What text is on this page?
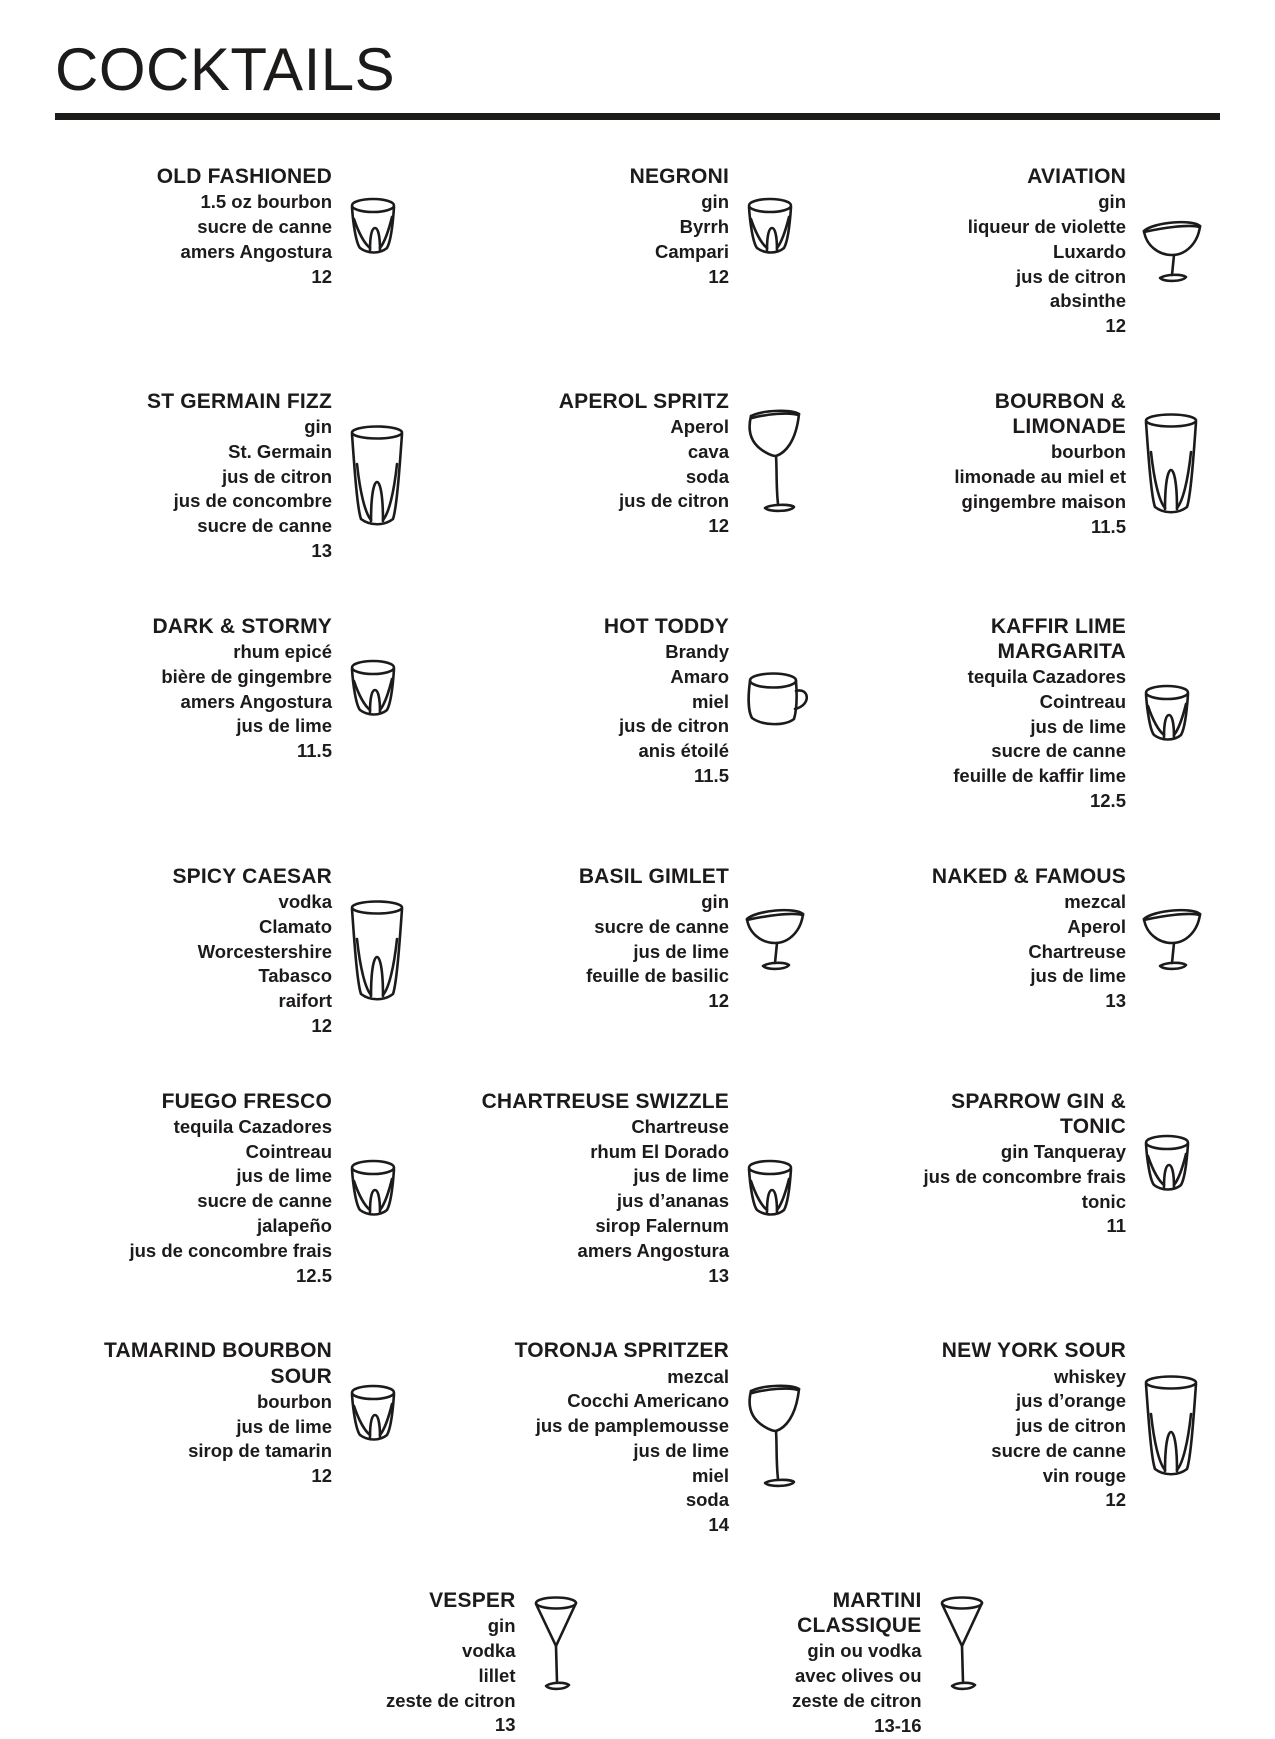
COCKTAILS
OLD FASHIONED
1.5 oz bourbon
sucre de canne
amers Angostura
12
NEGRONI
gin
Byrrh
Campari
12
AVIATION
gin
liqueur de violette
Luxardo
jus de citron
absinthe
12
ST GERMAIN FIZZ
gin
St. Germain
jus de citron
jus de concombre
sucre de canne
13
APEROL SPRITZ
Aperol
cava
soda
jus de citron
12
BOURBON &
LIMONADE
bourbon
limonade au miel et
gingembre maison
11.5
DARK & STORMY
rhum epicé
bière de gingembre
amers Angostura
jus de lime
11.5
HOT TODDY
Brandy
Amaro
miel
jus de citron
anis étoilé
11.5
KAFFIR LIME
MARGARITA
tequila Cazadores
Cointreau
jus de lime
sucre de canne
feuille de kaffir lime
12.5
SPICY CAESAR
vodka
Clamato
Worcestershire
Tabasco
raifort
12
BASIL GIMLET
gin
sucre de canne
jus de lime
feuille de basilic
12
NAKED & FAMOUS
mezcal
Aperol
Chartreuse
jus de lime
13
FUEGO FRESCO
tequila Cazadores
Cointreau
jus de lime
sucre de canne
jalapeño
jus de concombre frais
12.5
CHARTREUSE SWIZZLE
Chartreuse
rhum El Dorado
jus de lime
jus d’ananas
sirop Falernum
amers Angostura
13
SPARROW GIN &
TONIC
gin Tanqueray
jus de concombre frais
tonic
11
TAMARIND BOURBON
SOUR
bourbon
jus de lime
sirop de tamarin
12
TORONJA SPRITZER
mezcal
Cocchi Americano
jus de pamplemousse
jus de lime
miel
soda
14
NEW YORK SOUR
whiskey
jus d’orange
jus de citron
sucre de canne
vin rouge
12
VESPER
gin
vodka
lillet
zeste de citron
13
MARTINI
CLASSIQUE
gin ou vodka
avec olives ou
zeste de citron
13-16
